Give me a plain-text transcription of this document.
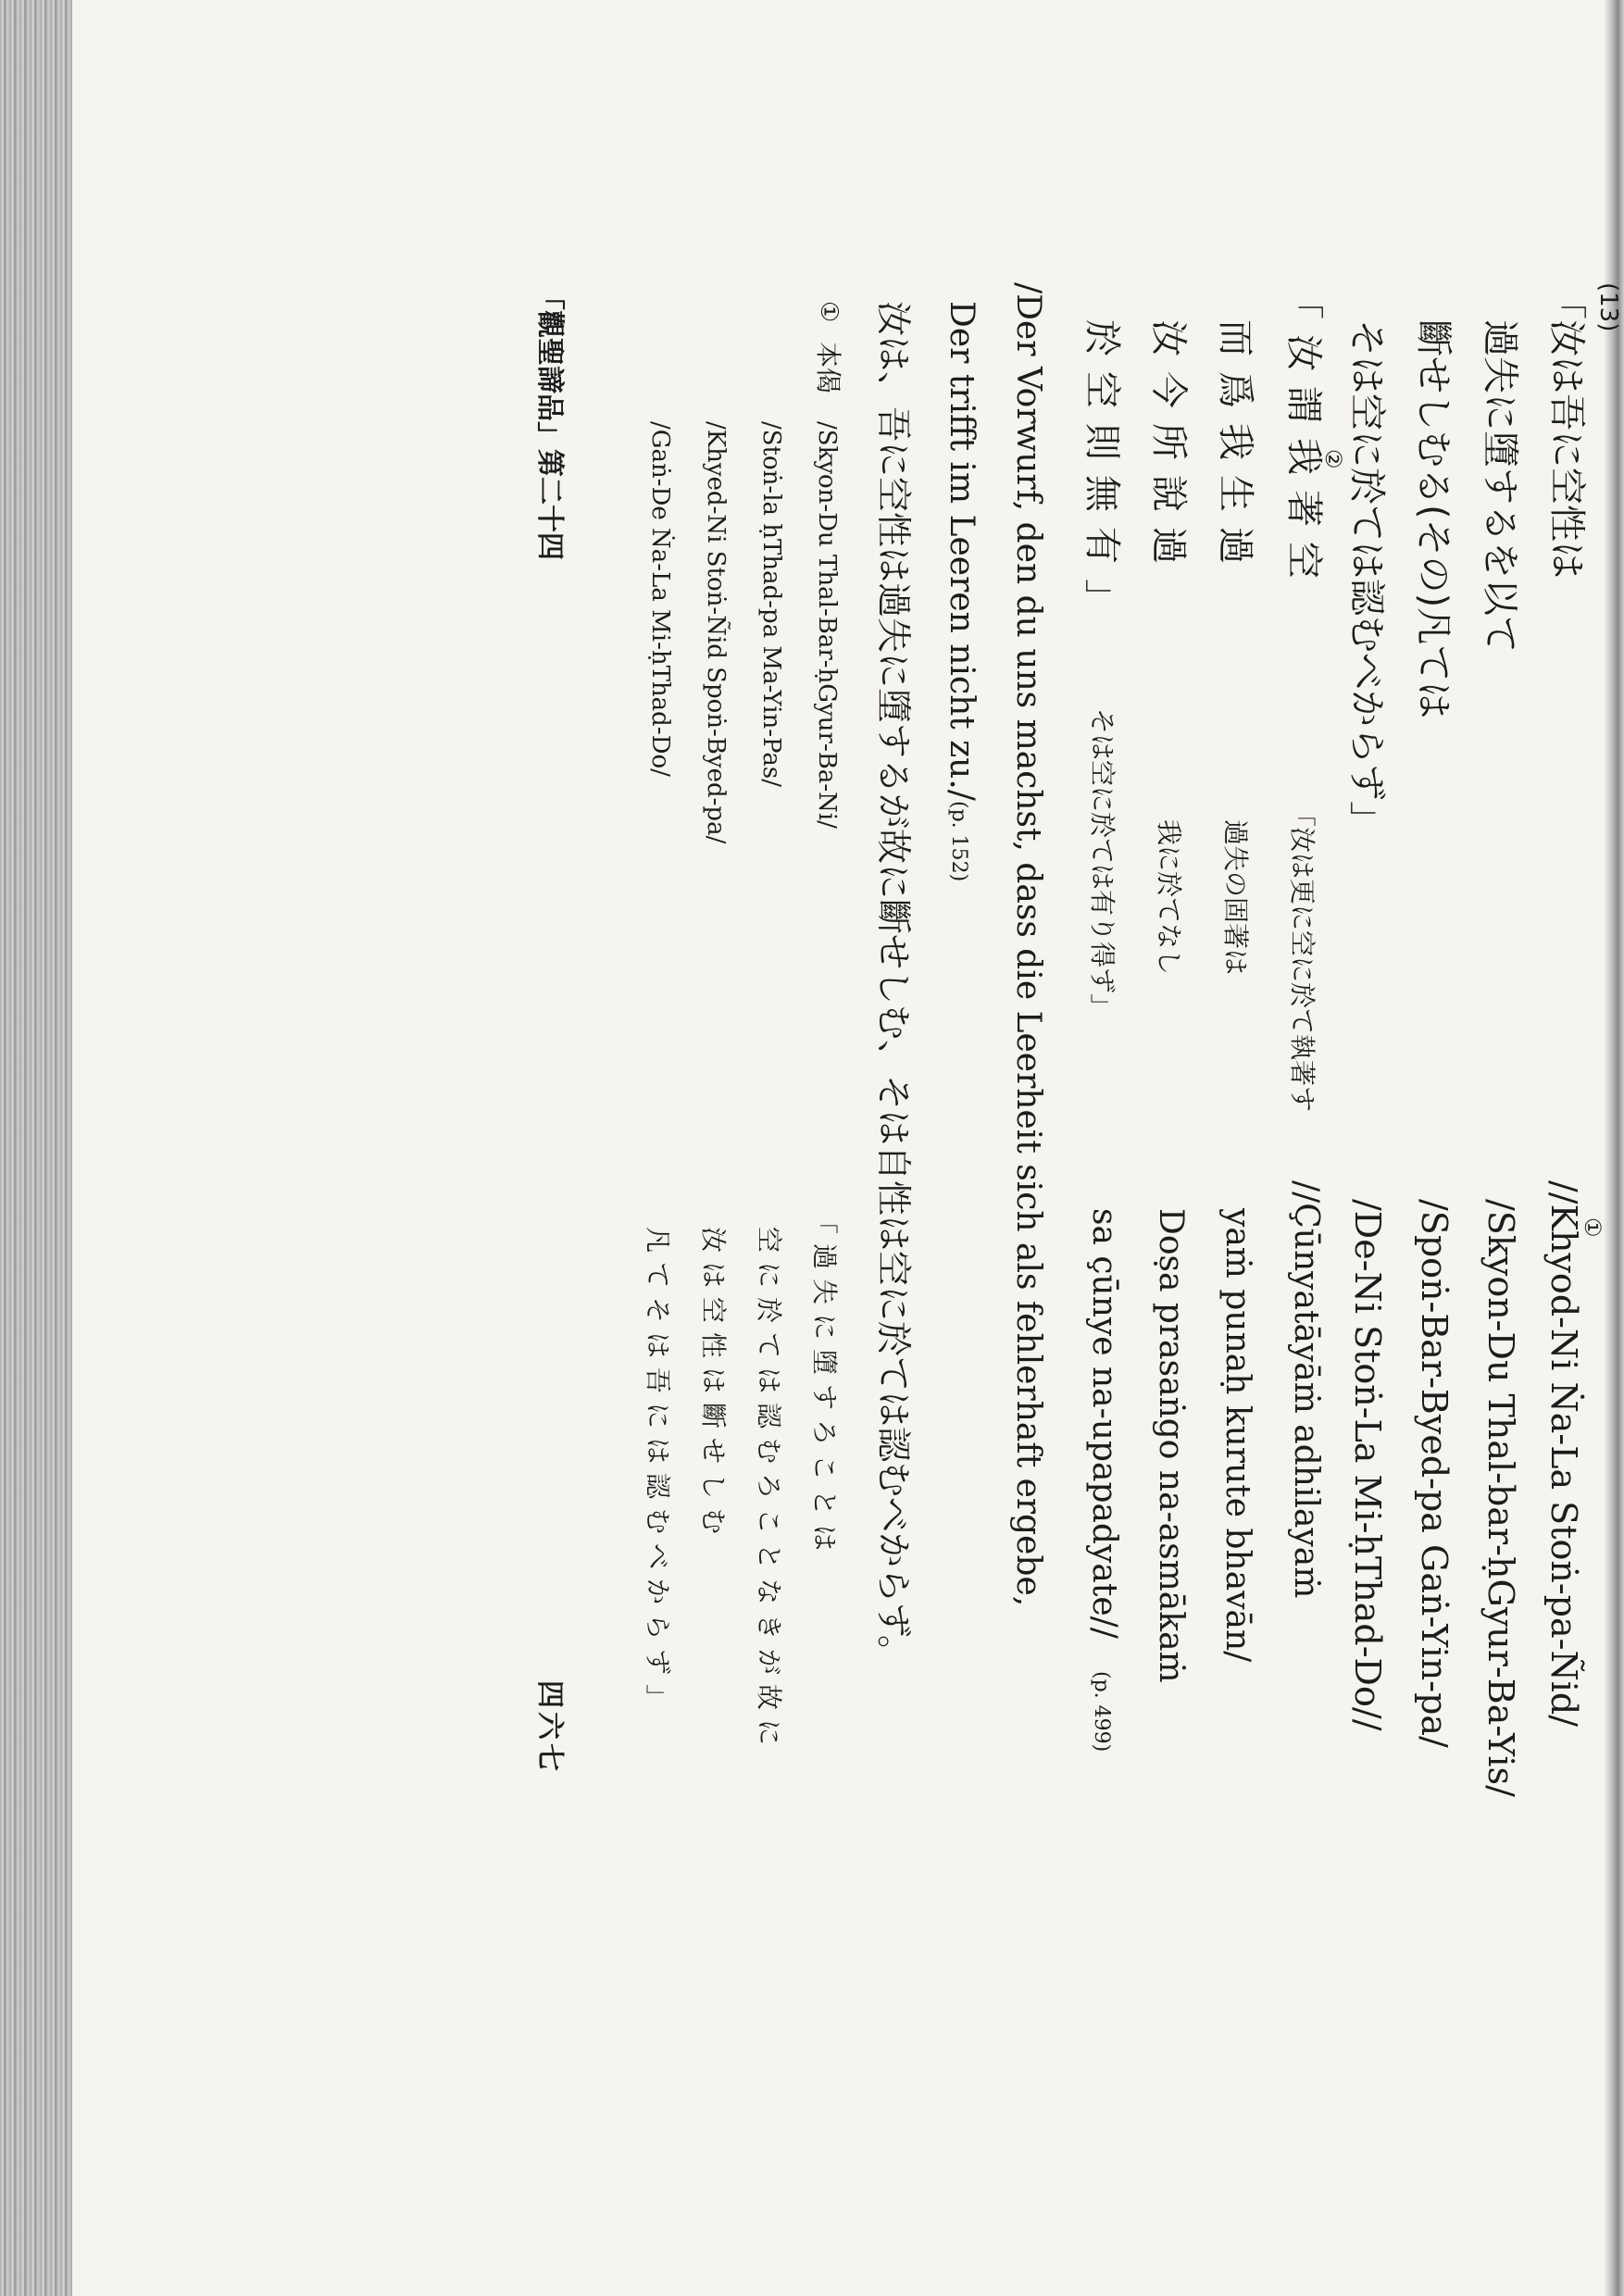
(13)
「汝は吾に空性は
過失に墮するを以て
斷せしむる(その)凡ては
そは空に於ては認むべからず」
①
//Khyod-Ni Ṅa-La Stoṅ-pa-Ñid/
/Skyon-Du Thal-bar-ḥGyur-Ba-Yis/
/Spoṅ-Bar-Byed-pa Gaṅ-Yin-pa/
/De-Ni Stoṅ-La Mi-ḥThad-Do//
②
「汝謂我著空
而爲我生過
汝今所說過
於空則無有」
「汝は更に空に於て執著す
過失の固著は
我に於てなし
そは空に於ては有り得ず」
//Çūnyatāyāṁ adhilayaṁ
yaṁ punaḥ kurute bhavān/
Doṣa prasaṅgo na-asmākaṁ
sa çūnye na-upapadyate//
(p. 499)
/Der Vorwurf, den du uns machst, dass die Leerheit sich als fehlerhaft ergebe,
Der trifft im Leeren nicht zu./
(p. 152)
汝は、吾に空性は過失に墮するが故に斷せしむ、そは自性は空に於ては認むべからず。
①
本偈
/Skyon-Du Thal-Bar-ḥGyur-Ba-Ni/
/Stoṅ-la ḥThad-pa Ma-Yin-Pas/
/Khyed-Ni Stoṅ-Ñid Spoṅ-Byed-pa/
/Gaṅ-De Ṅa-La Mi-ḥThad-Do/
「過失に墮すろことは
空に於ては認むろことなきが故に
汝は空性は斷せしむ
凡てそは吾には認むべからず」
「觀聖諦品」第二十四
四六七
